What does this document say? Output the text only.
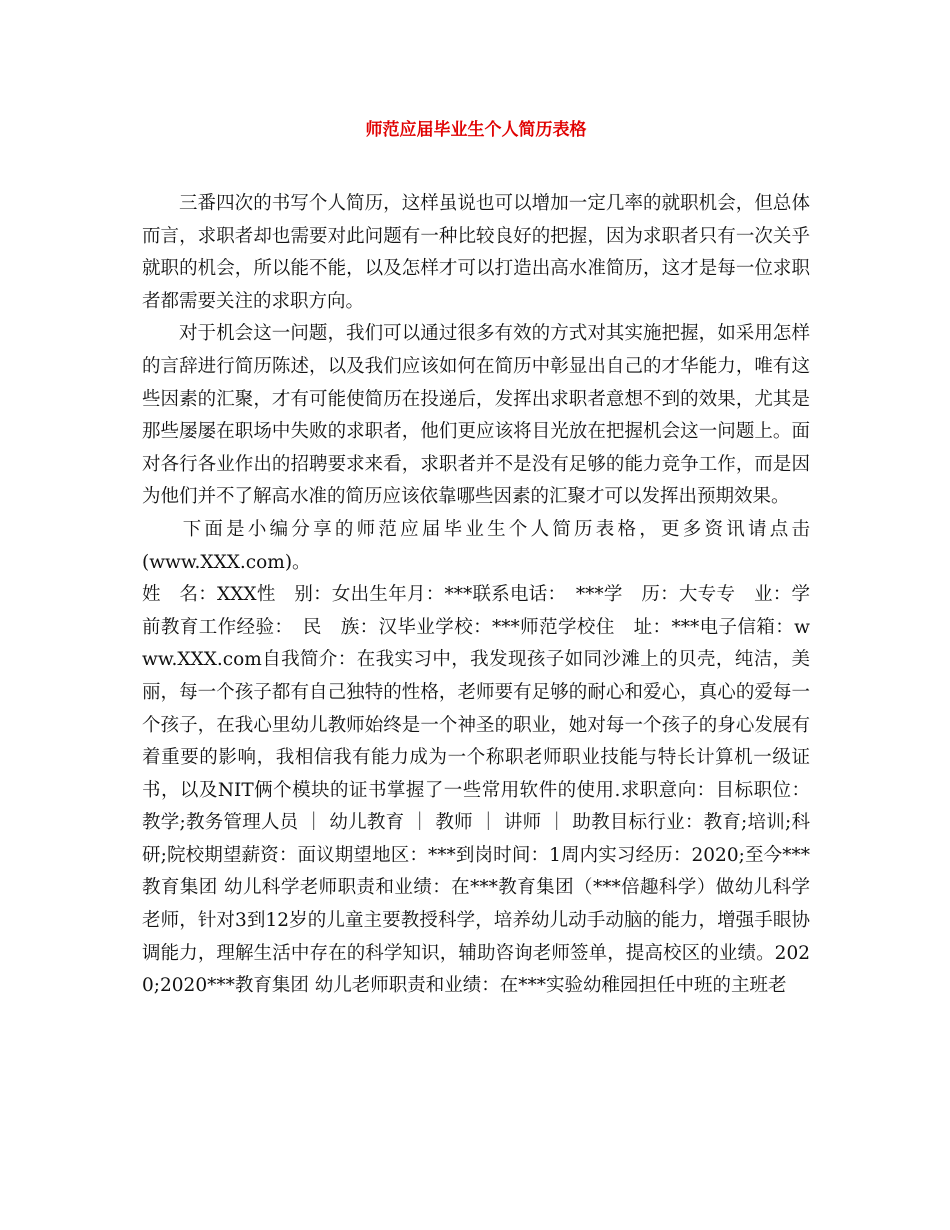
师范应届毕业生个人简历表格

三番四次的书写个人简历，这样虽说也可以增加一定几率的就职机会，但总体而言，求职者却也需要对此问题有一种比较良好的把握，因为求职者只有一次关乎就职的机会，所以能不能，以及怎样才可以打造出高水准简历，这才是每一位求职者都需要关注的求职方向。

对于机会这一问题，我们可以通过很多有效的方式对其实施把握，如采用怎样的言辞进行简历陈述，以及我们应该如何在简历中彰显出自己的才华能力，唯有这些因素的汇聚，才有可能使简历在投递后，发挥出求职者意想不到的效果，尤其是那些屡屡在职场中失败的求职者，他们更应该将目光放在把握机会这一问题上。面对各行各业作出的招聘要求来看，求职者并不是没有足够的能力竞争工作，而是因为他们并不了解高水准的简历应该依靠哪些因素的汇聚才可以发挥出预期效果。

下面是小编分享的师范应届毕业生个人简历表格，更多资讯请点击(www.XXX.com)。

姓　名：XXX性　别：女出生年月：***联系电话：　***学　历：大专专　业：学前教育工作经验：　民　族：汉毕业学校：***师范学校住　址：***电子信箱：www.XXX.com自我简介：在我实习中，我发现孩子如同沙滩上的贝壳，纯洁，美丽，每一个孩子都有自己独特的性格，老师要有足够的耐心和爱心，真心的爱每一个孩子，在我心里幼儿教师始终是一个神圣的职业，她对每一个孩子的身心发展有着重要的影响，我相信我有能力成为一个称职老师职业技能与特长计算机一级证书，以及NIT俩个模块的证书掌握了一些常用软件的使用.求职意向：目标职位：教学;教务管理人员 ｜ 幼儿教育 ｜ 教师 ｜ 讲师 ｜ 助教目标行业：教育;培训;科研;院校期望薪资：面议期望地区：***到岗时间：1周内实习经历：2020;至今***教育集团 幼儿科学老师职责和业绩：在***教育集团（***倍趣科学）做幼儿科学老师，针对3到12岁的儿童主要教授科学，培养幼儿动手动脑的能力，增强手眼协调能力，理解生活中存在的科学知识，辅助咨询老师签单，提高校区的业绩。2020;2020***教育集团 幼儿老师职责和业绩：在***实验幼稚园担任中班的主班老
